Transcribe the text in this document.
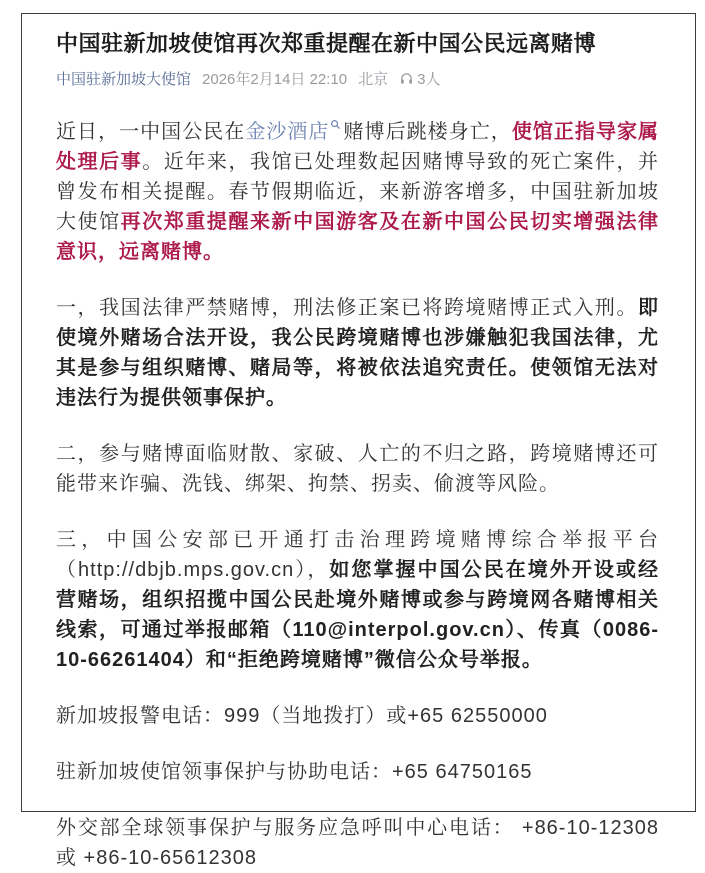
中国驻新加坡使馆再次郑重提醒在新中国公民远离赌博
中国驻新加坡大使馆 2026年2月14日 22:10 北京 3人

近日，一中国公民在金沙酒店 赌博后跳楼身亡，使馆正指导家属处理后事。近年来，我馆已处理数起因赌博导致的死亡案件，并曾发布相关提醒。春节假期临近，来新游客增多，中国驻新加坡大使馆再次郑重提醒来新中国游客及在新中国公民切实增强法律意识，远离赌博。

一，我国法律严禁赌博，刑法修正案已将跨境赌博正式入刑。即使境外赌场合法开设，我公民跨境赌博也涉嫌触犯我国法律，尤其是参与组织赌博、赌局等，将被依法追究责任。使领馆无法对违法行为提供领事保护。

二，参与赌博面临财散、家破、人亡的不归之路，跨境赌博还可能带来诈骗、洗钱、绑架、拘禁、拐卖、偷渡等风险。

三，中国公安部已开通打击治理跨境赌博综合举报平台（http://dbjb.mps.gov.cn），如您掌握中国公民在境外开设或经营赌场，组织招揽中国公民赴境外赌博或参与跨境网各赌博相关线索，可通过举报邮箱（110@interpol.gov.cn）、传真（0086-10-66261404）和“拒绝跨境赌博”微信公众号举报。

新加坡报警电话：999（当地拨打）或+65 62550000

驻新加坡使馆领事保护与协助电话：+65 64750165

外交部全球领事保护与服务应急呼叫中心电话： +86-10-12308 或 +86-10-65612308
